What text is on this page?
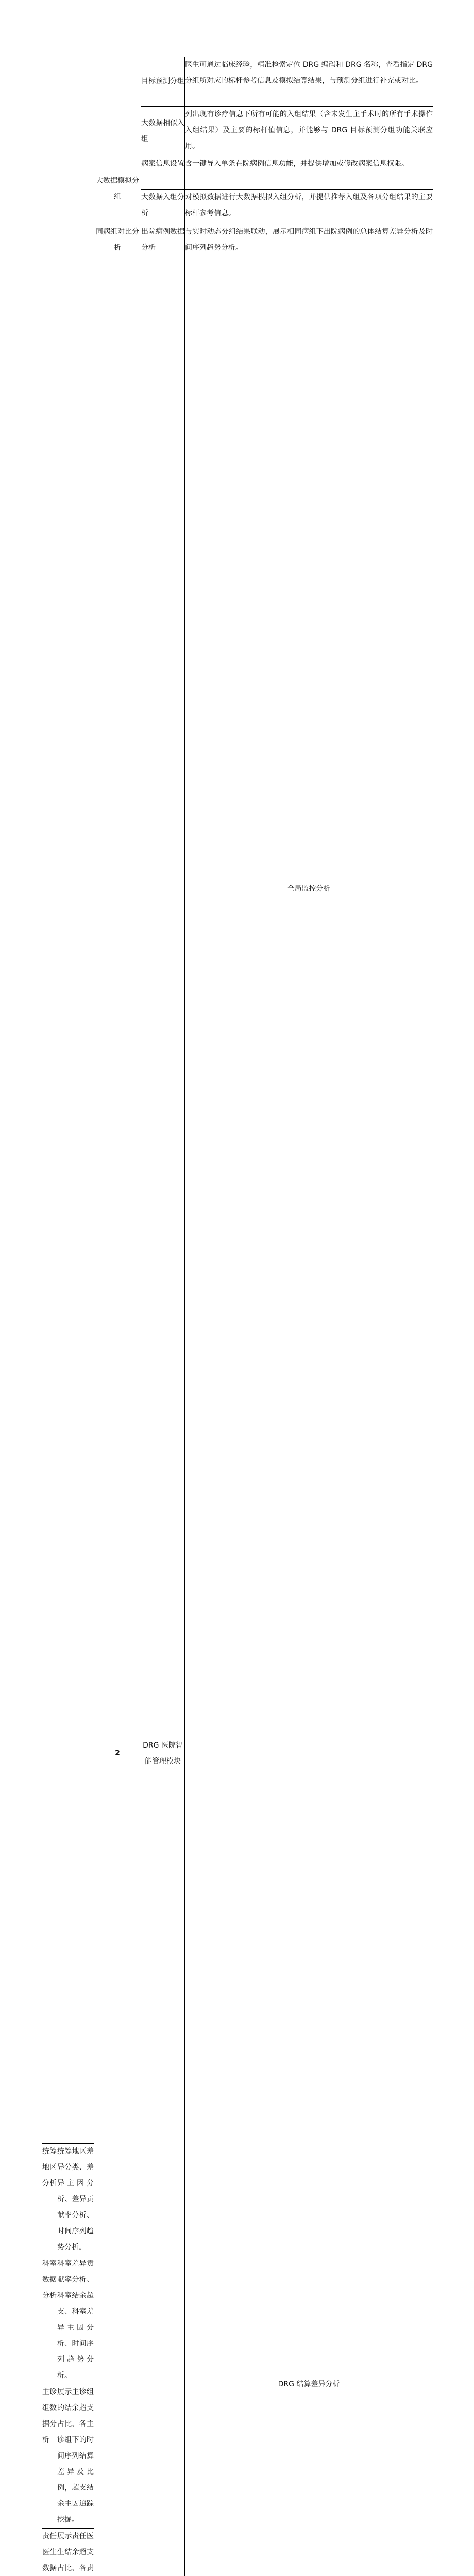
			目标预测分组	医生可通过临床经验，精准检索定位 DRG 编码和 DRG 名称，查看指定 DRG 分组所对应的标杆参考信息及模拟结算结果，与预测分组进行补充或对比。	
			大数据相似入组	列出现有诊疗信息下所有可能的入组结果（含未发生主手术时的所有手术操作入组结果）及主要的标杆值信息，并能够与 DRG 目标预测分组功能关联应用。	
		大数据模拟分组	病案信息设置	含一键导入单条在院病例信息功能，并提供增加或修改病案信息权限。	
			大数据入组分析	对模拟数据进行大数据模拟入组分析，并提供推荐入组及各项分组结果的主要标杆参考信息。	
		同病组对比分析	出院病例数据分析	与实时动态分组结果联动，展示相同病组下出院病例的总体结算差异分析及时间序列趋势分析。	
		2	DRG 医院智能管理模块	全局监控分析		
				DRG 结算差异分析		
统筹地区分析	统筹地区差异分类、差异主因分析、差异贡献率分析、时间序列趋势分析。				
科室数据分析	科室差异贡献率分析、科室结余超支、科室差异主因分析、时间序列趋势分析。				
主诊组数据分析	展示主诊组的结余超支占比、各主诊组下的时间序列结算差异及比例，超支结余主因追踪挖掘。				
责任医生数据	展示责任医生结余超支占比、各责				
